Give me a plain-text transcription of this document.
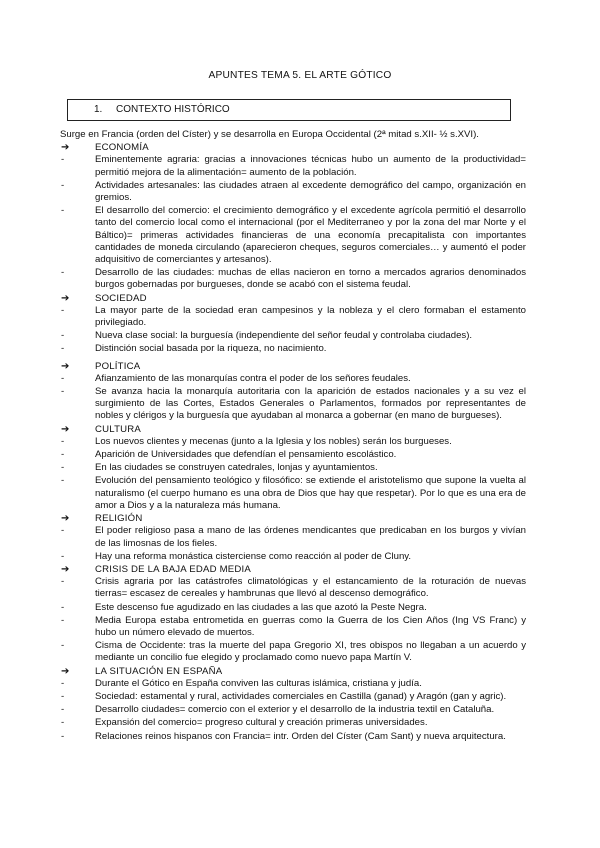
APUNTES TEMA 5. EL ARTE GÓTICO
1. CONTEXTO HISTÓRICO

Surge en Francia (orden del Císter) y se desarrolla en Europa Occidental (2ª mitad s.XII- ½ s.XVI).

➔	ECONOMÍA
-	Eminentemente agraria: gracias a innovaciones técnicas hubo un aumento de la productividad= permitió mejora de la alimentación= aumento de la población.
-	Actividades artesanales: las ciudades atraen al excedente demográfico del campo, organización en gremios.
-	El desarrollo del comercio: el crecimiento demográfico y el excedente agrícola permitió el desarrollo tanto del comercio local como el internacional (por el Mediterraneo y por la zona del mar Norte y el Báltico)= primeras actividades financieras de una economía precapitalista con importantes cantidades de moneda circulando (aparecieron cheques, seguros comerciales… y aumentó el poder adquisitivo de comerciantes y artesanos).
-	Desarrollo de las ciudades: muchas de ellas nacieron en torno a mercados agrarios denominados burgos gobernadas por burgueses, donde se acabó con el sistema feudal.
➔	SOCIEDAD
-	La mayor parte de la sociedad eran campesinos y la nobleza y el clero formaban el estamento privilegiado.
-	Nueva clase social: la burguesía (independiente del señor feudal y controlaba ciudades).
-	Distinción social basada por la riqueza, no nacimiento.
➔	POLÍTICA
-	Afianzamiento de las monarquías contra el poder de los señores feudales.
-	Se avanza hacia la monarquía autoritaria con la aparición de estados nacionales y a su vez el surgimiento de las Cortes, Estados Generales o Parlamentos, formados por representantes de nobles y clérigos y la burguesía que ayudaban al monarca a gobernar (en mano de burgueses).
➔	CULTURA
-	Los nuevos clientes y mecenas (junto a la Iglesia y los nobles) serán los burgueses.
-	Aparición de Universidades que defendían el pensamiento escolástico.
-	En las ciudades se construyen catedrales, lonjas y ayuntamientos.
-	Evolución del pensamiento teológico y filosófico: se extiende el aristotelismo que supone la vuelta al naturalismo (el cuerpo humano es una obra de Dios que hay que respetar). Por lo que es una era de amor a Dios y a la naturaleza más humana.
➔	RELIGIÓN
-	El poder religioso pasa a mano de las órdenes mendicantes que predicaban en los burgos y vivían de las limosnas de los fieles.
-	Hay una reforma monástica cisterciense como reacción al poder de Cluny.
➔	CRISIS DE LA BAJA EDAD MEDIA
-	Crisis agraria por las catástrofes climatológicas y el estancamiento de la roturación de nuevas tierras= escasez de cereales y hambrunas que llevó al descenso demográfico.
-	Este descenso fue agudizado en las ciudades a las que azotó la Peste Negra.
-	Media Europa estaba entrometida en guerras como la Guerra de los Cien Años (Ing VS Franc) y hubo un número elevado de muertos.
-	Cisma de Occidente: tras la muerte del papa Gregorio XI, tres obispos no llegaban a un acuerdo y mediante un concilio fue elegido y proclamado como nuevo papa Martín V.
➔	LA SITUACIÓN EN ESPAÑA
-	Durante el Gótico en España conviven las culturas islámica, cristiana y judía.
-	Sociedad: estamental y rural, actividades comerciales en Castilla (ganad) y Aragón (gan y agric).
-	Desarrollo ciudades= comercio con el exterior y el desarrollo de la industria textil en Cataluña.
-	Expansión del comercio= progreso cultural y creación primeras universidades.
-	Relaciones reinos hispanos con Francia= intr. Orden del Císter (Cam Sant) y nueva arquitectura.
